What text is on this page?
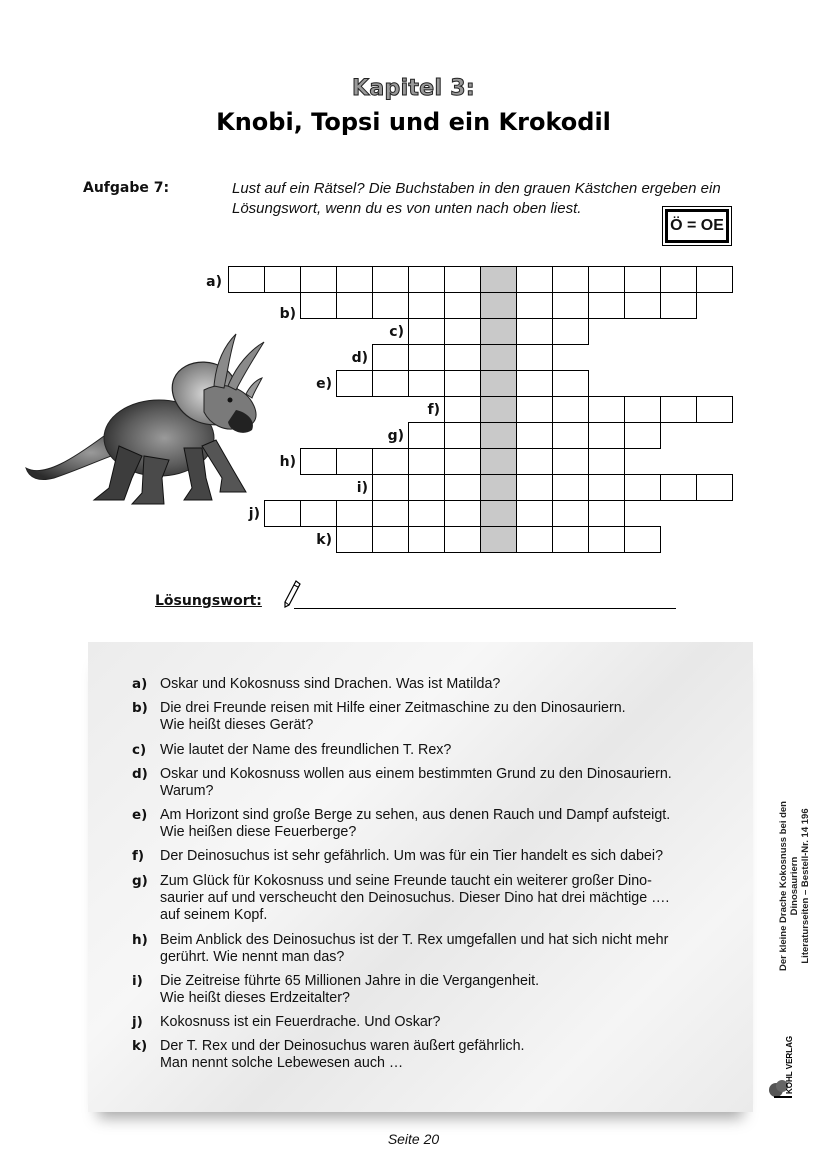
Kapitel 3:
Knobi, Topsi und ein Krokodil
Aufgabe 7:	Lust auf ein Rätsel? Die Buchstaben in den grauen Kästchen ergeben ein Lösungswort, wenn du es von unten nach oben liest.
Ö = OE
a)
b)
c)
d)
e)
f)
g)
h)
i)
j)
k)
Lösungswort:
a) Oskar und Kokosnuss sind Drachen. Was ist Matilda?
b) Die drei Freunde reisen mit Hilfe einer Zeitmaschine zu den Dinosauriern.
Wie heißt dieses Gerät?
c) Wie lautet der Name des freundlichen T. Rex?
d) Oskar und Kokosnuss wollen aus einem bestimmten Grund zu den Dinosauriern.
Warum?
e) Am Horizont sind große Berge zu sehen, aus denen Rauch und Dampf aufsteigt.
Wie heißen diese Feuerberge?
f) Der Deinosuchus ist sehr gefährlich. Um was für ein Tier handelt es sich dabei?
g) Zum Glück für Kokosnuss und seine Freunde taucht ein weiterer großer Dino-
saurier auf und verscheucht den Deinosuchus. Dieser Dino hat drei mächtige ….
auf seinem Kopf.
h) Beim Anblick des Deinosuchus ist der T. Rex umgefallen und hat sich nicht mehr
gerührt. Wie nennt man das?
i) Die Zeitreise führte 65 Millionen Jahre in die Vergangenheit.
Wie heißt dieses Erdzeitalter?
j) Kokosnuss ist ein Feuerdrache. Und Oskar?
k) Der T. Rex und der Deinosuchus waren äußert gefährlich.
Man nennt solche Lebewesen auch …
Der kleine Drache Kokosnuss bei den Dinosauriern Literaturseiten – Bestell-Nr. 14 196
KOHL VERLAG
Seite 20
